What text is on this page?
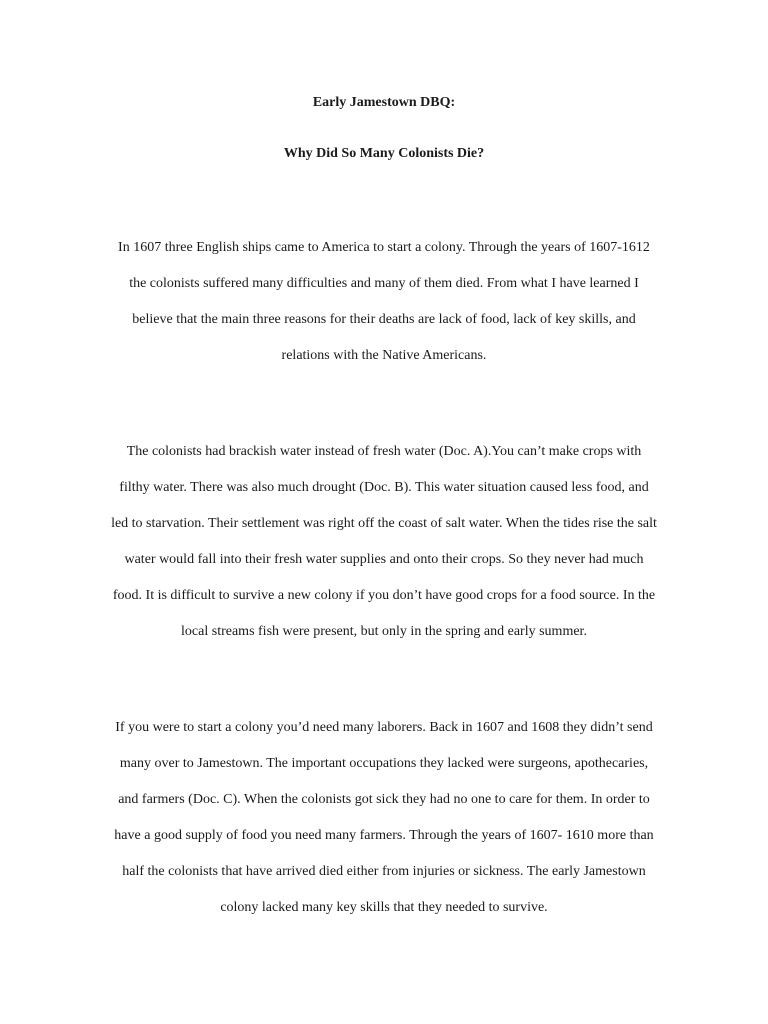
Early Jamestown DBQ:
Why Did So Many Colonists Die?

In 1607 three English ships came to America to start a colony. Through the years of 1607-1612

the colonists suffered many difficulties and many of them died. From what I have learned I

believe that the main three reasons for their deaths are lack of food, lack of key skills, and

relations with the Native Americans.

The colonists had brackish water instead of fresh water (Doc. A).You can’t make crops with

filthy water. There was also much drought (Doc. B). This water situation caused less food, and

led to starvation. Their settlement was right off the coast of salt water. When the tides rise the salt

water would fall into their fresh water supplies and onto their crops. So they never had much

food. It is difficult to survive a new colony if you don’t have good crops for a food source. In the

local streams fish were present, but only in the spring and early summer.

If you were to start a colony you’d need many laborers. Back in 1607 and 1608 they didn’t send

many over to Jamestown. The important occupations they lacked were surgeons, apothecaries,

and farmers (Doc. C). When the colonists got sick they had no one to care for them. In order to

have a good supply of food you need many farmers. Through the years of 1607- 1610 more than

half the colonists that have arrived died either from injuries or sickness. The early Jamestown

colony lacked many key skills that they needed to survive.
